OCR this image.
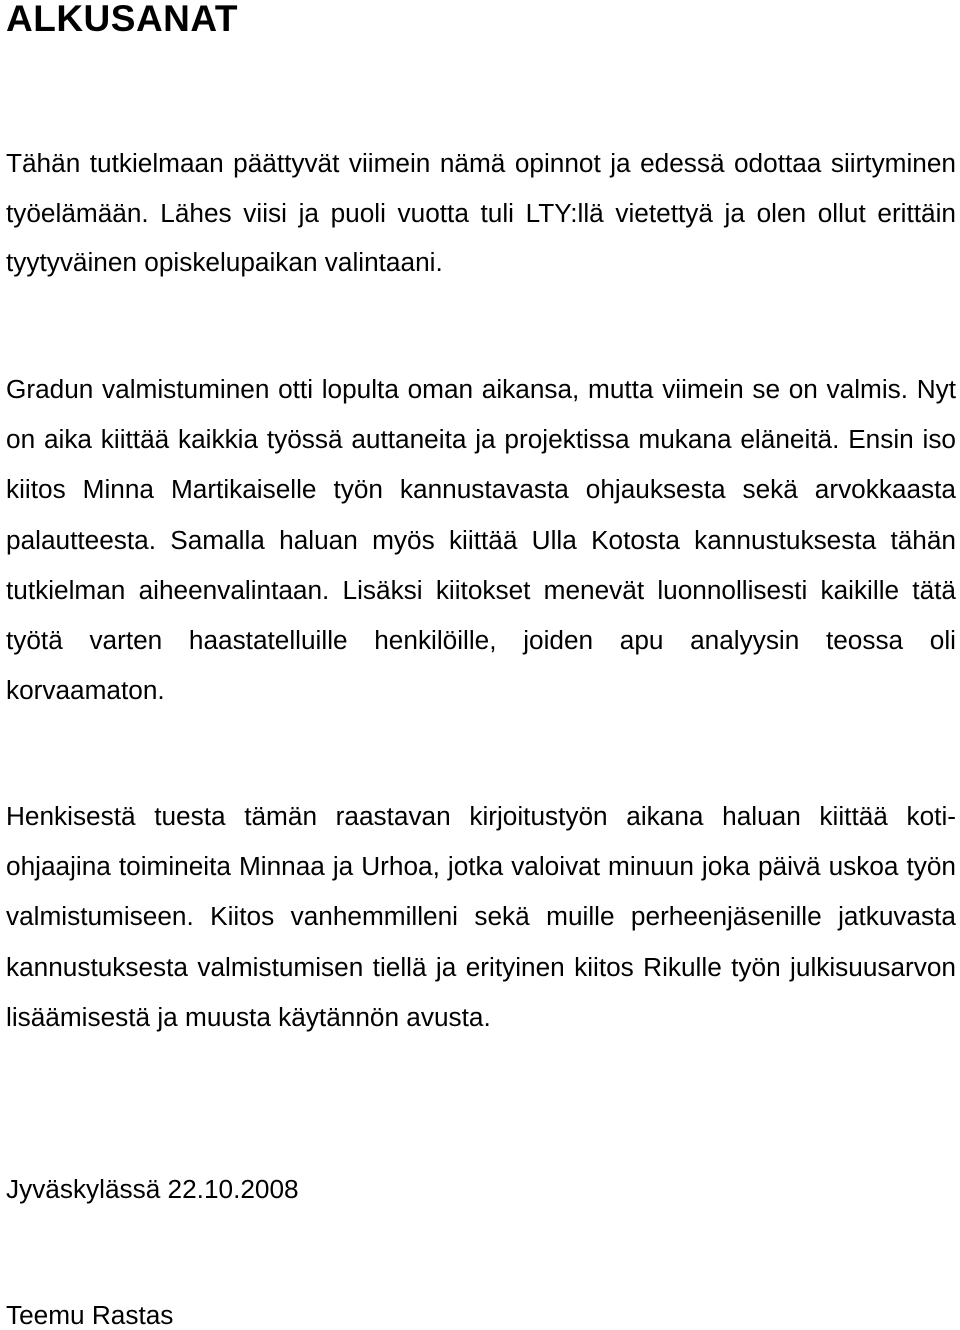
ALKUSANAT

Tähän tutkielmaan päättyvät viimein nämä opinnot ja edessä odottaa siirtyminen työelämään. Lähes viisi ja puoli vuotta tuli LTY:llä vietettyä ja olen ollut erittäin tyytyväinen opiskelupaikan valintaani.

Gradun valmistuminen otti lopulta oman aikansa, mutta viimein se on valmis. Nyt on aika kiittää kaikkia työssä auttaneita ja projektissa mukana eläneitä. Ensin iso kiitos Minna Martikaiselle työn kannustavasta ohjauksesta sekä arvokkaasta palautteesta. Samalla haluan myös kiittää Ulla Kotosta kannustuksesta tähän tutkielman aiheenvalintaan. Lisäksi kiitokset menevät luonnollisesti kaikille tätä työtä varten haastatelluille henkilöille, joiden apu analyysin teossa oli korvaamaton.

Henkisestä tuesta tämän raastavan kirjoitustyön aikana haluan kiittää koti-ohjaajina toimineita Minnaa ja Urhoa, jotka valoivat minuun joka päivä uskoa työn valmistumiseen. Kiitos vanhemmilleni sekä muille perheenjäsenille jatkuvasta kannustuksesta valmistumisen tiellä ja erityinen kiitos Rikulle työn julkisuusarvon lisäämisestä ja muusta käytännön avusta.

Jyväskylässä 22.10.2008

Teemu Rastas
